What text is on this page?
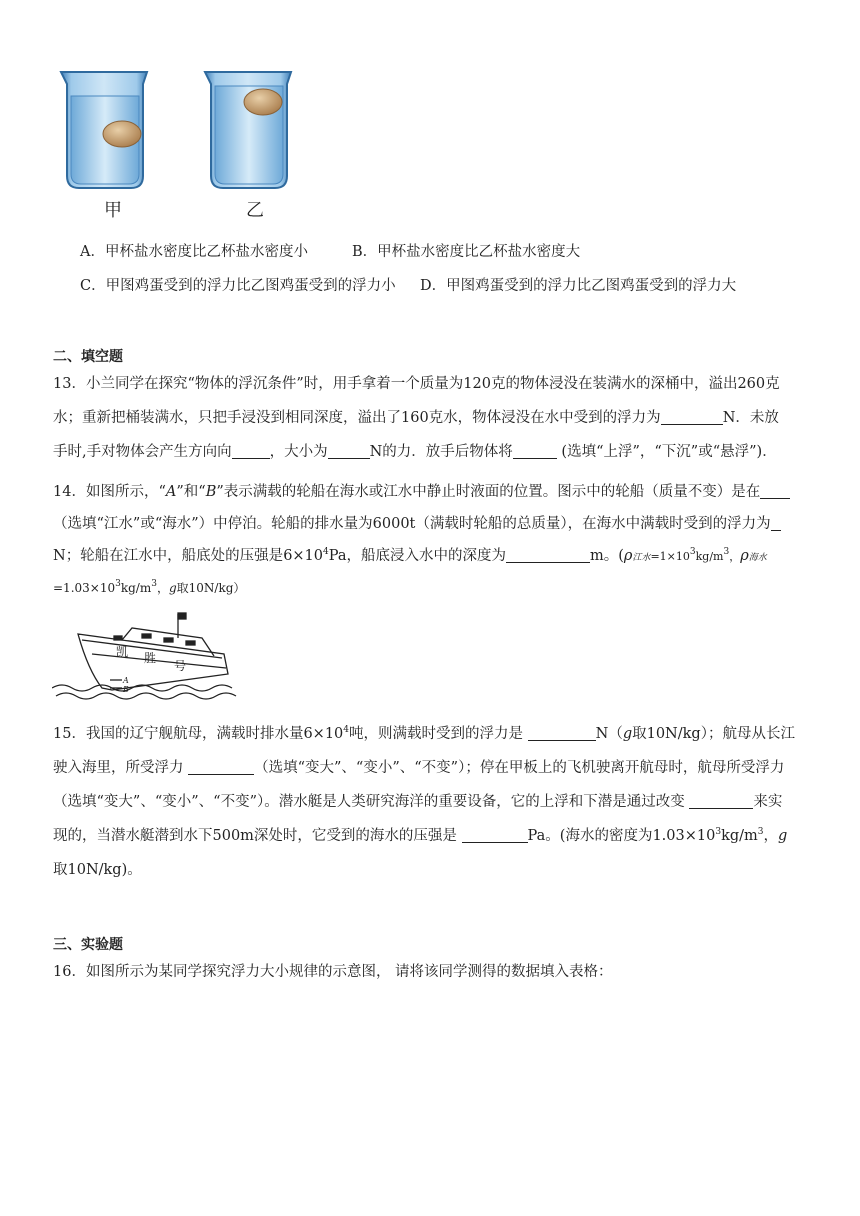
甲	乙
A．甲杯盐水密度比乙杯盐水密度小	B．甲杯盐水密度比乙杯盐水密度大
C．甲图鸡蛋受到的浮力比乙图鸡蛋受到的浮力小 D．甲图鸡蛋受到的浮力比乙图鸡蛋受到的浮力大
二、填空题
13．小兰同学在探究“物体的浮沉条件”时，用手拿着一个质量为120克的物体浸没在装满水的深桶中，溢出260克
水；重新把桶装满水，只把手浸没到相同深度，溢出了160克水，物体浸没在水中受到的浮力为	N．未放
手时,手对物体会产生方向向	，大小为	N的力．放手后物体将	(选填“上浮”，“下沉”或“悬浮”)．
14．如图所示，“A”和“B”表示满载的轮船在海水或江水中静止时液面的位置。图示中的轮船（质量不变）是在
（选填“江水”或“海水”）中停泊。轮船的排水量为6000t（满载时轮船的总质量），在海水中满载时受到的浮力为
N；轮船在江水中，船底处的压强是$6\times 10^4Pa$，船底浸入水中的深度为	m。(ρ江水$=1\times 10^3kg/m^3$，ρ海水
$=1.03\times 10^3kg/m^3$，g取10N/kg）
凯 胜
号
A
B
15．我国的辽宁舰航母，满载时排水量$6\times 10^4$吨，则满载时受到的浮力是	N（g取10N/kg）；航母从长江
驶入海里，所受浮力	（选填“变大”、“变小”、“不变”）；停在甲板上的飞机驶离开航母时，航母所受浮力
（选填“变大”、“变小”、“不变”）。潜水艇是人类研究海洋的重要设备，它的上浮和下潜是通过改变	来实
现的，当潜水艇潜到水下500m深处时，它受到的海水的压强是	Pa。(海水的密度为$1.03\times 10^3kg/m^3$，g
取10N/kg)。
三、实验题
16．如图所示为某同学探究浮力大小规律的示意图， 请将该同学测得的数据填入表格：
